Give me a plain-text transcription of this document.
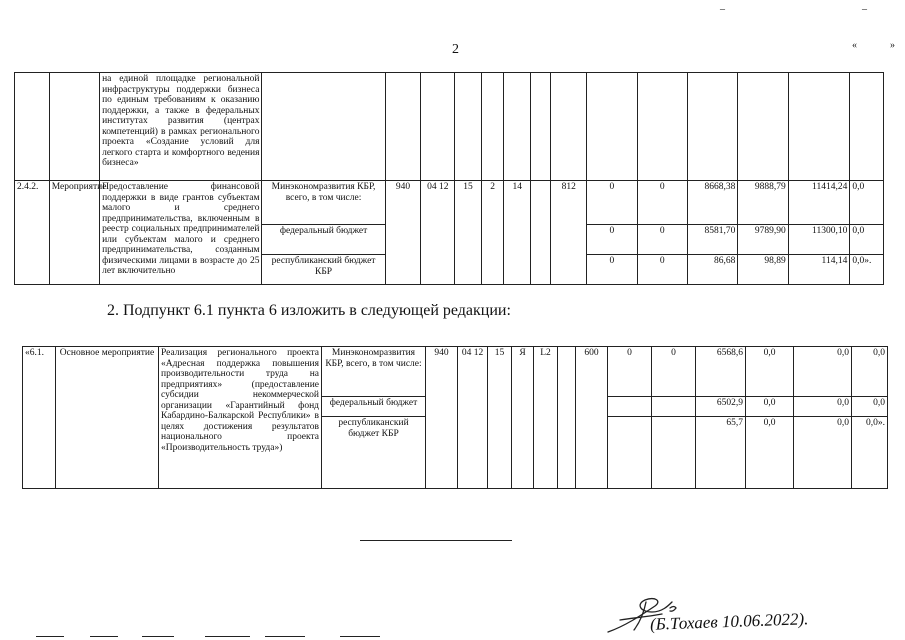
2
		на единой площадке региональной инфраструктуры поддержки бизнеса по единым требованиям к оказанию поддержки, а также в федеральных институтах развития (центрах компетенций) в рамках регионального проекта «Создание условий для легкого старта и комфортного ведения бизнеса»														
2.4.2.	Мероприятие	Предоставление финансовой поддержки в виде грантов субъектам малого и среднего предпринимательства, включенным в реестр социальных предпринимателей или субъектам малого и среднего предпринимательства, созданным физическими лицами в возрасте до 25 лет включительно	Минэкономразвития КБР, всего, в том числе:	940	04 12	15	2	14		812	0	0	8668,38	9888,79	11414,24	0,0
			федеральный бюджет								0	0	8581,70	9789,90	11300,10	0,0
			республиканский бюджет КБР								0	0	86,68	98,89	114,14	0,0».
2. Подпункт 6.1 пункта 6 изложить в следующей редакции:
«6.1.	Основное мероприятие	Реализация регионального проекта «Адресная поддержка повышения производительности труда на предприятиях» (предоставление субсидии некоммерческой организации «Гарантийный фонд Кабардино-Балкарской Республики» в целях достижения результатов национального проекта «Производительность труда»)	Минэкономразвития КБР, всего, в том числе:	940	04 12	15	Я	L2		600	0	0	6568,6	0,0	0,0	0,0
			федеральный бюджет										6502,9	0,0	0,0	0,0
			республиканский бюджет КБР										65,7	0,0	0,0	0,0».
(Б.Тохаев 10.06.2022).
_	_
«	»
